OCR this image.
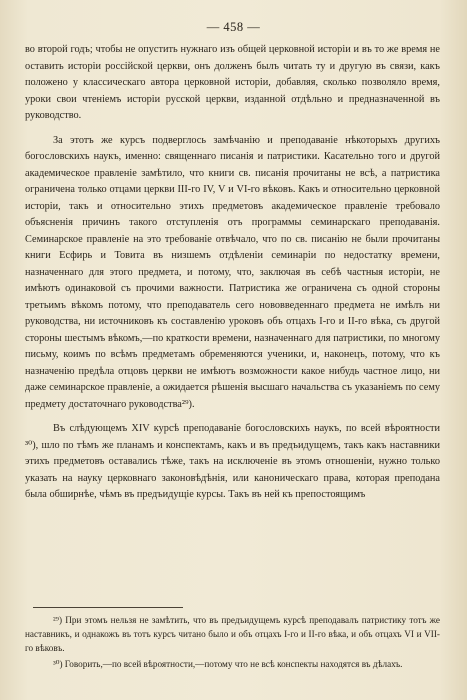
— 458 —

во второй годъ; чтобы не опустить нужнаго изъ общей церковной исторіи и въ то же время не оставить исторіи россійской церкви, онъ долженъ былъ читать ту и другую въ связи, какъ положено у классическаго автора церковной исторіи, добавляя, сколько позволяло время, уроки свои чтеніемъ исторіи русской церкви, изданной отдѣльно и предназначенной въ руководство.

За этотъ же курсъ подверглось замѣчанію и преподаваніе нѣкоторыхъ другихъ богословскихъ наукъ, именно: священнаго писанія и патристики. Касательно того и другой академическое правленіе замѣтило, что книги св. писанія прочитаны не всѣ, а патристика ограничена только отцами церкви III-го IV, V и VI-го вѣковъ. Какъ и относительно церковной исторіи, такъ и относительно этихъ предметовъ академическое правленіе требовало объясненія причинъ такого отступленія отъ программы семинарскаго преподаванія. Семинарское правленіе на это требованіе отвѣчало, что по св. писанію не были прочитаны книги Есфирь и Товита въ низшемъ отдѣленіи семинаріи по недостатку времени, назначеннаго для этого предмета, и потому, что, заключая въ себѣ частныя исторіи, не имѣютъ одинаковой съ прочими важности. Патристика же ограничена съ одной стороны третьимъ вѣкомъ потому, что преподаватель сего нововведеннаго предмета не имѣлъ ни руководства, ни источниковъ къ составленію уроковъ объ отцахъ I-го и II-го вѣка, съ другой стороны шестымъ вѣкомъ,—по краткости времени, назначеннаго для патристики, по многому письму, коимъ по всѣмъ предметамъ обременяются ученики, и, наконецъ, потому, что къ назначенію предѣла отцовъ церкви не имѣютъ возможности какое нибудь частное лицо, ни даже семинарское правленіе, а ожидается рѣшенія высшаго начальства съ указаніемъ по сему предмету достаточнаго руководства²⁹).

Въ слѣдующемъ XIV курсѣ преподаваніе богословскихъ наукъ, по всей вѣроятности ³⁰), шло по тѣмъ же планамъ и конспектамъ, какъ и въ предъидущемъ, такъ какъ наставники этихъ предметовъ оставались тѣже, такъ на исключеніе въ этомъ отношеніи, нужно только указать на науку церковнаго законовѣдѣнія, или каноническаго права, которая преподана была обширнѣе, чѣмъ въ предъидущіе курсы. Такъ въ ней къ препостоящимъ

²⁹) При этомъ нельзя не замѣтить, что въ предъидущемъ курсѣ преподавалъ патристику тотъ же наставникъ, и однакожъ въ тотъ курсъ читано было и объ отцахъ I-го и II-го вѣка, и объ отцахъ VI и VII-го вѣковъ.

³⁰) Говорить,—по всей вѣроятности,—потому что не всѣ конспекты находятся въ дѣлахъ.
